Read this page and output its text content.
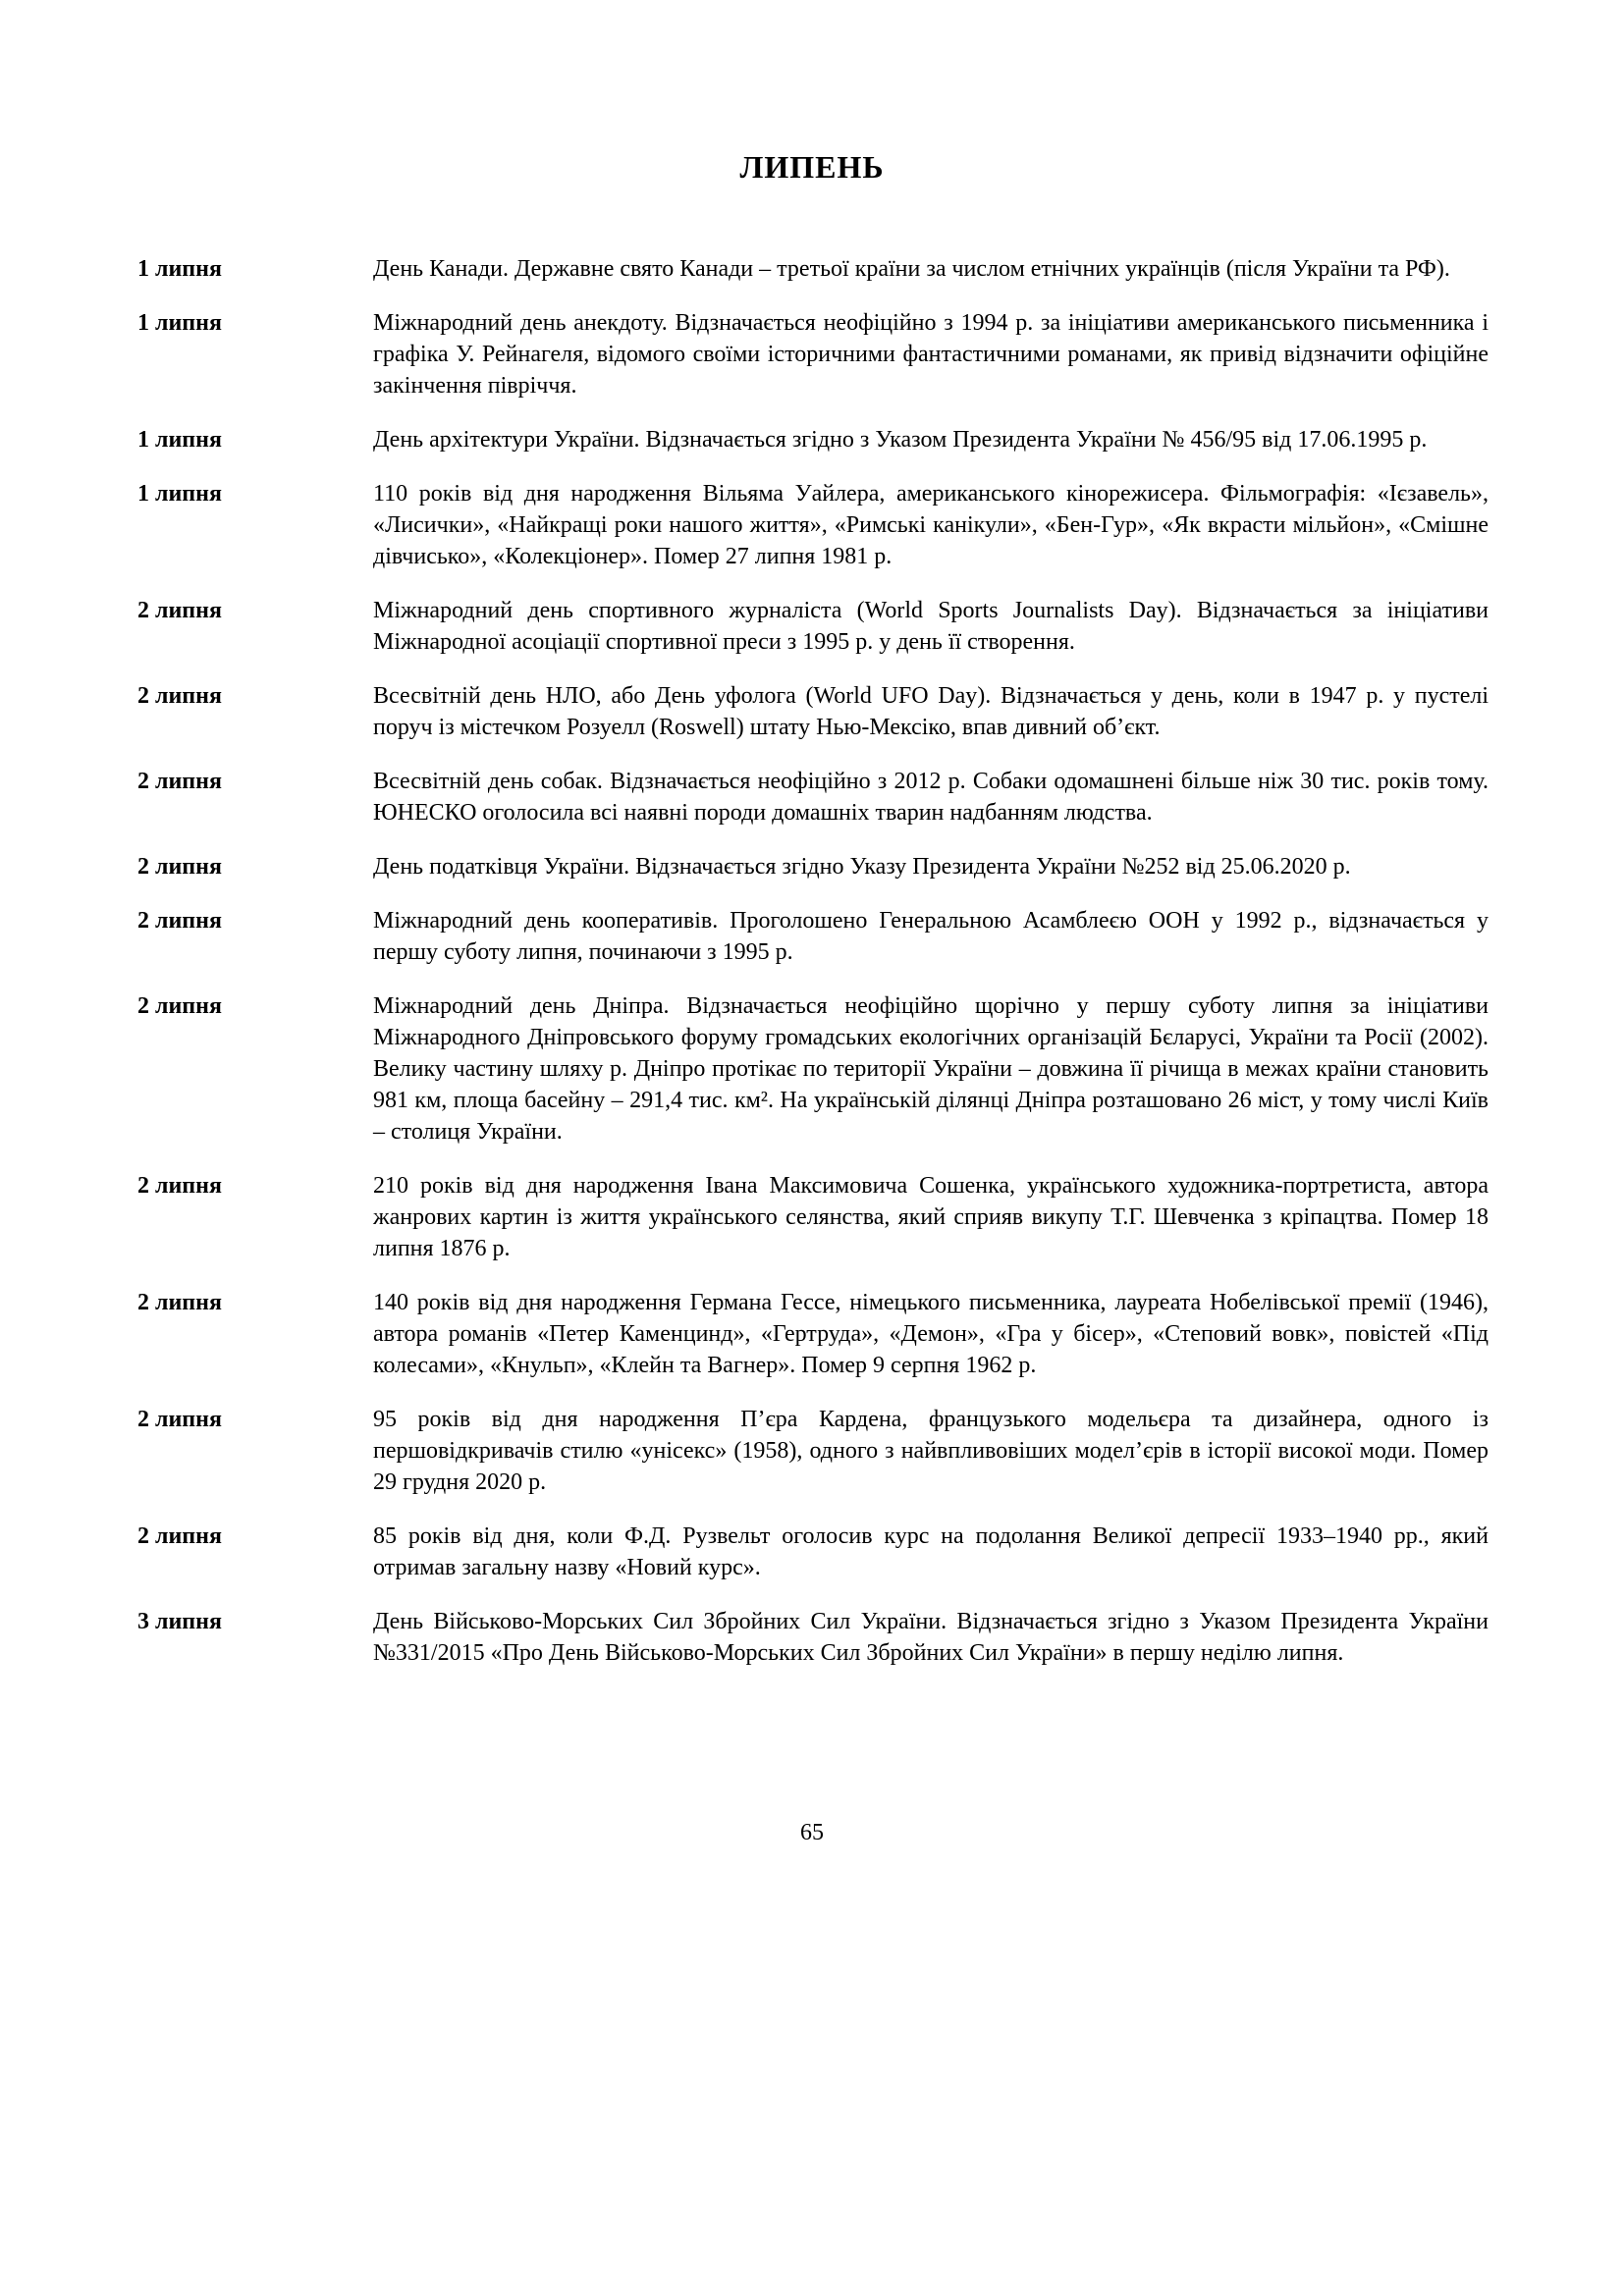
ЛИПЕНЬ
1 липня	День Канади. Державне свято Канади – третьої країни за числом етнічних українців (після України та РФ).
1 липня	Міжнародний день анекдоту. Відзначається неофіційно з 1994 р. за ініціативи американського письменника і графіка У. Рейнагеля, відомого своїми історичними фантастичними романами, як привід відзначити офіційне закінчення півріччя.
1 липня	День архітектури України. Відзначається згідно з Указом Президента України № 456/95 від 17.06.1995 р.
1 липня	110 років від дня народження Вільяма Уайлера, американського кінорежисера. Фільмографія: «Ієзавель», «Лисички», «Найкращі роки нашого життя», «Римські канікули», «Бен-Гур», «Як вкрасти мільйон», «Смішне дівчисько», «Колекціонер». Помер 27 липня 1981 р.
2 липня	Міжнародний день спортивного журналіста (World Sports Journalists Day). Відзначається за ініціативи Міжнародної асоціації спортивної преси з 1995 р. у день її створення.
2 липня	Всесвітній день НЛО, або День уфолога (World UFO Day). Відзначається у день, коли в 1947 р. у пустелі поруч із містечком Розуелл (Roswell) штату Нью-Мексіко, впав дивний об’єкт.
2 липня	Всесвітній день собак. Відзначається неофіційно з 2012 р. Собаки одомашнені більше ніж 30 тис. років тому. ЮНЕСКО оголосила всі наявні породи домашніх тварин надбанням людства.
2 липня	День податківця України. Відзначається згідно Указу Президента України №252 від 25.06.2020 р.
2 липня	Міжнародний день кооперативів. Проголошено Генеральною Асамблеєю ООН у 1992 р., відзначається у першу суботу липня, починаючи з 1995 р.
2 липня	Міжнародний день Дніпра. Відзначається неофіційно щорічно у першу суботу липня за ініціативи Міжнародного Дніпровського форуму громадських екологічних організацій Бєларусі, України та Росії (2002). Велику частину шляху р. Дніпро протікає по території України – довжина її річища в межах країни становить 981 км, площа басейну – 291,4 тис. км². На українській ділянці Дніпра розташовано 26 міст, у тому числі Київ – столиця України.
2 липня	210 років від дня народження Івана Максимовича Сошенка, українського художника-портретиста, автора жанрових картин із життя українського селянства, який сприяв викупу Т.Г. Шевченка з кріпацтва. Помер 18 липня 1876 р.
2 липня	140 років від дня народження Германа Гессе, німецького письменника, лауреата Нобелівської премії (1946), автора романів «Петер Каменцинд», «Гертруда», «Демон», «Гра у бісер», «Степовий вовк», повістей «Під колесами», «Кнульп», «Клейн та Вагнер». Помер 9 серпня 1962 р.
2 липня	95 років від дня народження П’єра Кардена, французького модельєра та дизайнера, одного із першовідкривачів стилю «унісекс» (1958), одного з найвпливовіших модел’єрів в історії високої моди. Помер 29 грудня 2020 р.
2 липня	85 років від дня, коли Ф.Д. Рузвельт оголосив курс на подолання Великої депресії 1933–1940 рр., який отримав загальну назву «Новий курс».
3 липня	День Військово-Морських Сил Збройних Сил України. Відзначається згідно з Указом Президента України №331/2015 «Про День Військово-Морських Сил Збройних Сил України» в першу неділю липня.
65
